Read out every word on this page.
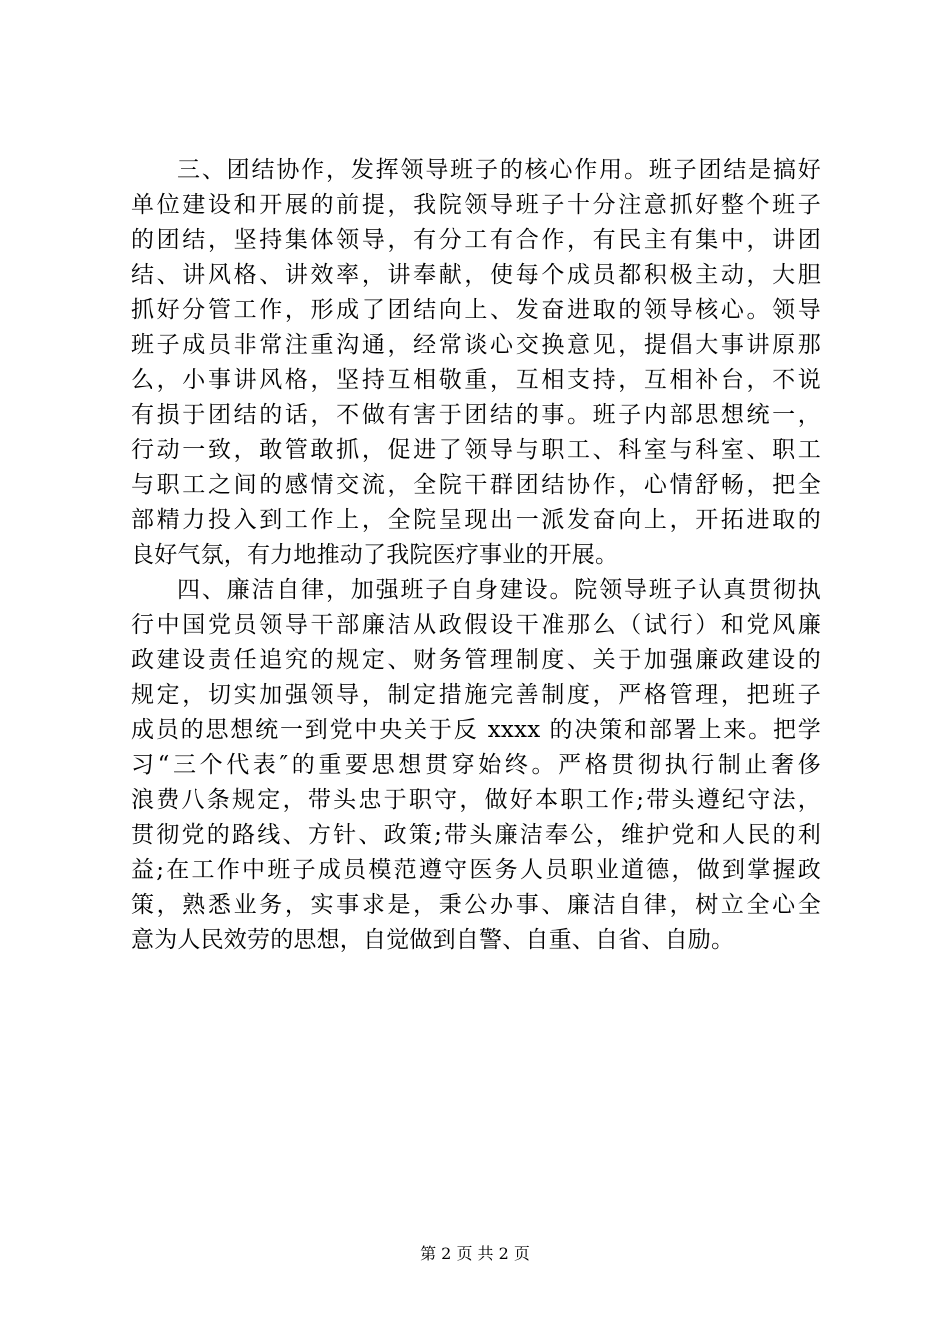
三、团结协作，发挥领导班子的核心作用。班子团结是搞好
单位建设和开展的前提，我院领导班子十分注意抓好整个班子
的团结，坚持集体领导，有分工有合作，有民主有集中，讲团
结、讲风格、讲效率，讲奉献，使每个成员都积极主动，大胆
抓好分管工作，形成了团结向上、发奋进取的领导核心。领导
班子成员非常注重沟通，经常谈心交换意见，提倡大事讲原那
么，小事讲风格，坚持互相敬重，互相支持，互相补台，不说
有损于团结的话，不做有害于团结的事。班子内部思想统一，
行动一致，敢管敢抓，促进了领导与职工、科室与科室、职工
与职工之间的感情交流，全院干群团结协作，心情舒畅，把全
部精力投入到工作上，全院呈现出一派发奋向上，开拓进取的
良好气氛，有力地推动了我院医疗事业的开展。
四、廉洁自律，加强班子自身建设。院领导班子认真贯彻执
行中国党员领导干部廉洁从政假设干准那么（试行）和党风廉
政建设责任追究的规定、财务管理制度、关于加强廉政建设的
规定，切实加强领导，制定措施完善制度，严格管理，把班子
成员的思想统一到党中央关于反 xxxx 的决策和部署上来。把学
习“三个代表″的重要思想贯穿始终。严格贯彻执行制止奢侈
浪费八条规定，带头忠于职守，做好本职工作;带头遵纪守法，
贯彻党的路线、方针、政策;带头廉洁奉公，维护党和人民的利
益;在工作中班子成员模范遵守医务人员职业道德，做到掌握政
策，熟悉业务，实事求是，秉公办事、廉洁自律，树立全心全
意为人民效劳的思想，自觉做到自警、自重、自省、自励。
第 2 页 共 2 页
